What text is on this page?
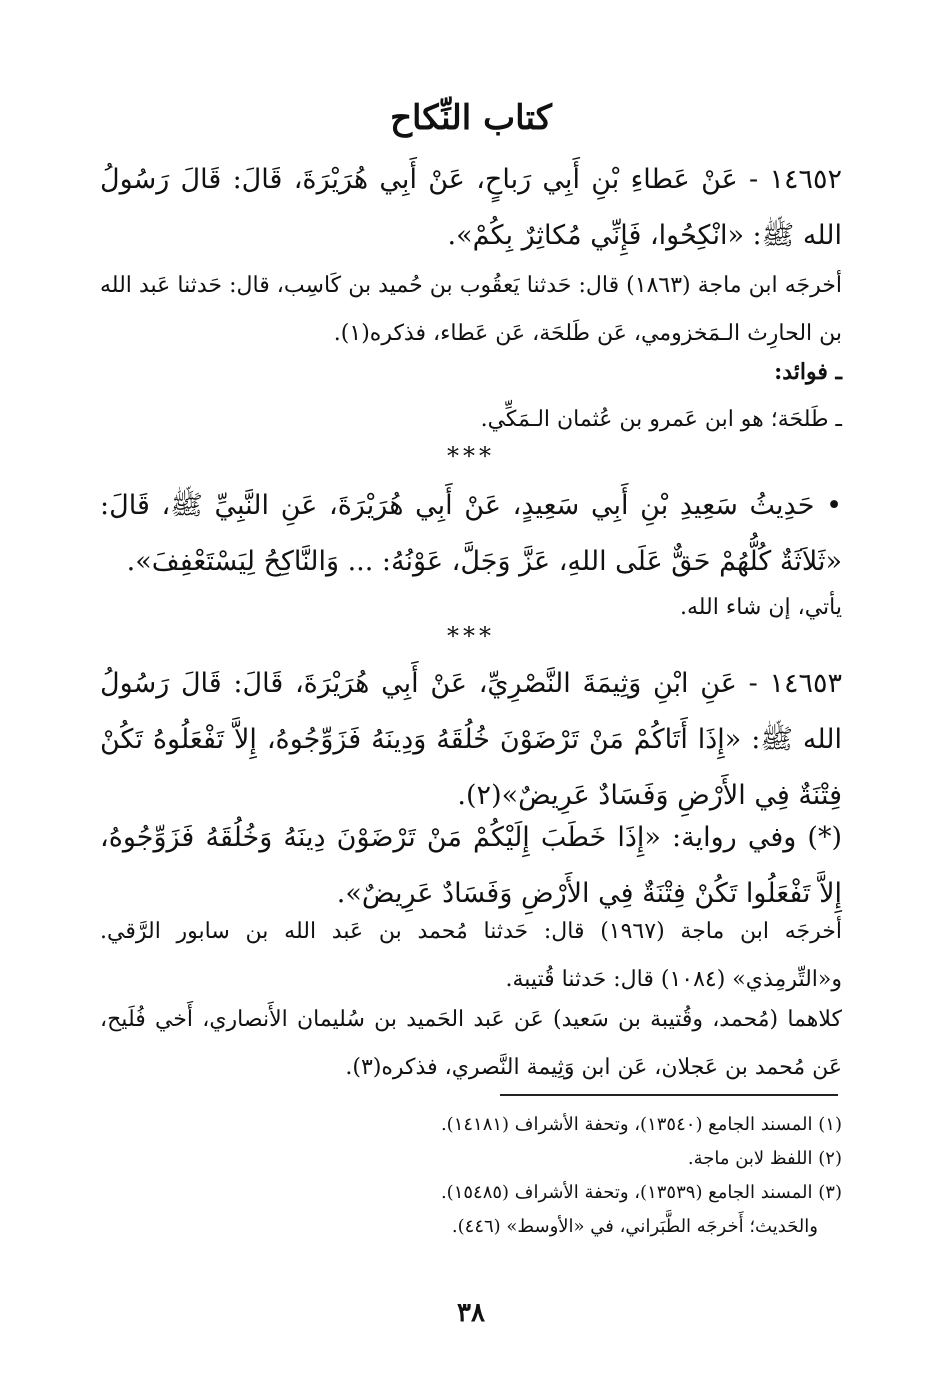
كتاب النِّكاح

١٤٦٥٢ - عَنْ عَطاءِ بْنِ أَبِي رَباحٍ، عَنْ أَبِي هُرَيْرَةَ، قَالَ: قَالَ رَسُولُ الله ﷺ: «انْكِحُوا، فَإِنِّي مُكاثِرٌ بِكُمْ».

أخرجَه ابن ماجة (١٨٦٣) قال: حَدثنا يَعقُوب بن حُميد بن كَاسِب، قال: حَدثنا عَبد الله بن الحارِث الـمَخزومي، عَن طَلحَة، عَن عَطاء، فذكره(١).

ـ فوائد:

ـ طَلحَة؛ هو ابن عَمرو بن عُثمان الـمَكِّي.

***

• حَدِيثُ سَعِيدِ بْنِ أَبِي سَعِيدٍ، عَنْ أَبِي هُرَيْرَةَ، عَنِ النَّبِيِّ ﷺ، قَالَ: «ثَلاَثَةٌ كُلُّهُمْ حَقٌّ عَلَى اللهِ، عَزَّ وَجَلَّ، عَوْنُهُ: ... وَالنَّاكِحُ لِيَسْتَعْفِفَ».

يأتي، إن شاء الله.

***

١٤٦٥٣ - عَنِ ابْنِ وَثِيمَةَ النَّصْرِيِّ، عَنْ أَبِي هُرَيْرَةَ، قَالَ: قَالَ رَسُولُ الله ﷺ: «إِذَا أَتَاكُمْ مَنْ تَرْضَوْنَ خُلُقَهُ وَدِينَهُ فَزَوِّجُوهُ، إِلاَّ تَفْعَلُوهُ تَكُنْ فِتْنَةٌ فِي الأَرْضِ وَفَسَادٌ عَرِيضٌ»(٢).

(*) وفي رواية: «إِذَا خَطَبَ إِلَيْكُمْ مَنْ تَرْضَوْنَ دِينَهُ وَخُلُقَهُ فَزَوِّجُوهُ، إِلاَّ تَفْعَلُوا تَكُنْ فِتْنَةٌ فِي الأَرْضِ وَفَسَادٌ عَرِيضٌ».

أخرجَه ابن ماجة (١٩٦٧) قال: حَدثنا مُحمد بن عَبد الله بن سابور الرَّقي. و«التِّرمِذي» (١٠٨٤) قال: حَدثنا قُتيبة.

كلاهما (مُحمد، وقُتيبة بن سَعيد) عَن عَبد الحَميد بن سُليمان الأَنصاري، أَخي فُلَيح، عَن مُحمد بن عَجلان، عَن ابن وَثِيمة النَّصري، فذكره(٣).

(١) المسند الجامع (١٣٥٤٠)، وتحفة الأشراف (١٤١٨١).

(٢) اللفظ لابن ماجة.

(٣) المسند الجامع (١٣٥٣٩)، وتحفة الأشراف (١٥٤٨٥).

والحَديث؛ أَخرجَه الطَّبَراني، في «الأوسط» (٤٤٦).

٣٨
